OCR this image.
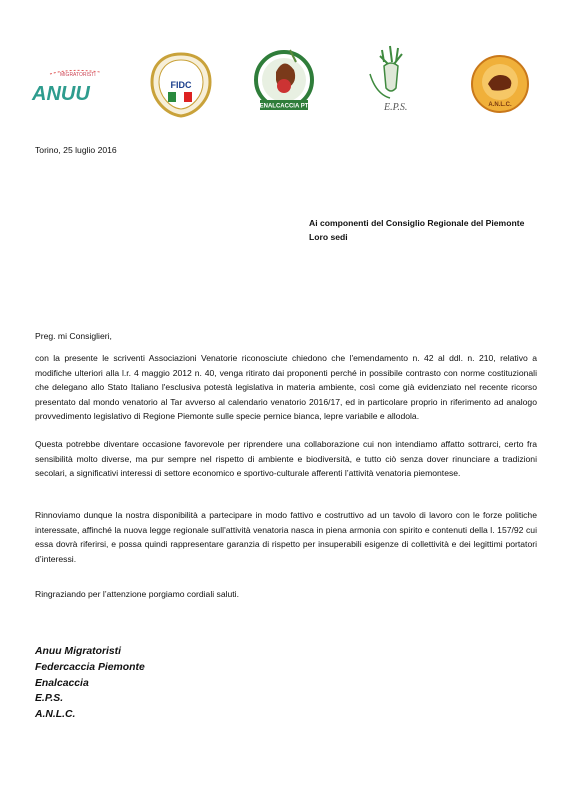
MIGRATORISTI
ANUU	FIDC
ENALCACCIA PT	E.P.S.	A.N.L.C.
Torino, 25 luglio 2016
Ai componenti del Consiglio Regionale del Piemonte
Loro sedi
Preg. mi Consiglieri,
con la presente le scriventi Associazioni Venatorie riconosciute chiedono che l'emendamento n. 42 al ddl. n. 210, relativo a modifiche ulteriori alla l.r. 4 maggio 2012 n. 40, venga ritirato dai proponenti perché in possibile contrasto con norme costituzionali che delegano allo Stato Italiano l'esclusiva potestà legislativa in materia ambiente, così come già evidenziato nel recente ricorso presentato dal mondo venatorio al Tar avverso al calendario venatorio 2016/17, ed in particolare proprio in riferimento ad analogo provvedimento legislativo di Regione Piemonte sulle specie pernice bianca, lepre variabile e allodola.
Questa potrebbe diventare occasione favorevole per riprendere una collaborazione cui non intendiamo affatto sottrarci, certo fra sensibilità molto diverse, ma pur sempre nel rispetto di ambiente e biodiversità, e tutto ciò senza dover rinunciare a tradizioni secolari, a significativi interessi di settore economico e sportivo-culturale afferenti l’attività venatoria piemontese.
Rinnoviamo dunque la nostra disponibilità a partecipare in modo fattivo e costruttivo ad un tavolo di lavoro con le forze politiche interessate, affinché la nuova legge regionale sull'attività venatoria nasca in piena armonia con spirito e contenuti della l. 157/92 cui essa dovrà riferirsi, e possa quindi rappresentare garanzia di rispetto per insuperabili esigenze di collettività e dei legittimi portatori d’interessi.
Ringraziando per l’attenzione porgiamo cordiali saluti.
Anuu Migratoristi
Federcaccia Piemonte
Enalcaccia
E.P.S.
A.N.L.C.
